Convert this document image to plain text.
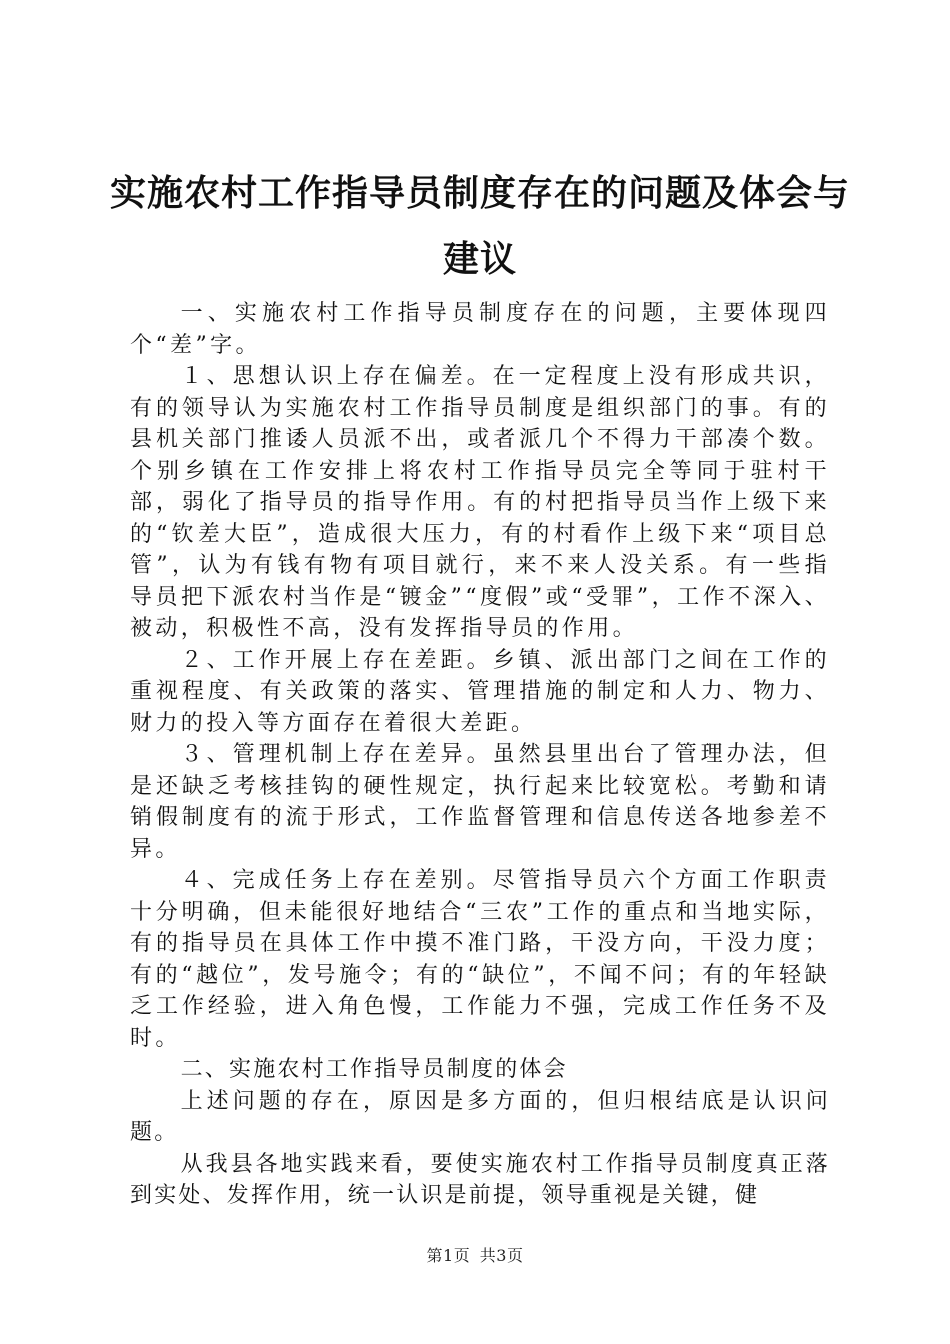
实施农村工作指导员制度存在的问题及体会与建议

一、实施农村工作指导员制度存在的问题，主要体现四个“差”字。

１、思想认识上存在偏差。在一定程度上没有形成共识，有的领导认为实施农村工作指导员制度是组织部门的事。有的县机关部门推诿人员派不出，或者派几个不得力干部凑个数。个别乡镇在工作安排上将农村工作指导员完全等同于驻村干部，弱化了指导员的指导作用。有的村把指导员当作上级下来的“钦差大臣”，造成很大压力，有的村看作上级下来“项目总管”，认为有钱有物有项目就行，来不来人没关系。有一些指导员把下派农村当作是“镀金”“度假”或“受罪”，工作不深入、被动，积极性不高，没有发挥指导员的作用。

２、工作开展上存在差距。乡镇、派出部门之间在工作的重视程度、有关政策的落实、管理措施的制定和人力、物力、财力的投入等方面存在着很大差距。

３、管理机制上存在差异。虽然县里出台了管理办法，但是还缺乏考核挂钩的硬性规定，执行起来比较宽松。考勤和请销假制度有的流于形式，工作监督管理和信息传送各地参差不异。

４、完成任务上存在差别。尽管指导员六个方面工作职责十分明确，但未能很好地结合“三农”工作的重点和当地实际，有的指导员在具体工作中摸不准门路，干没方向，干没力度；有的“越位”，发号施令；有的“缺位”，不闻不问；有的年轻缺乏工作经验，进入角色慢，工作能力不强，完成工作任务不及时。

二、实施农村工作指导员制度的体会

上述问题的存在，原因是多方面的，但归根结底是认识问题。

从我县各地实践来看，要使实施农村工作指导员制度真正落到实处、发挥作用，统一认识是前提，领导重视是关键，健

第1页 共3页
